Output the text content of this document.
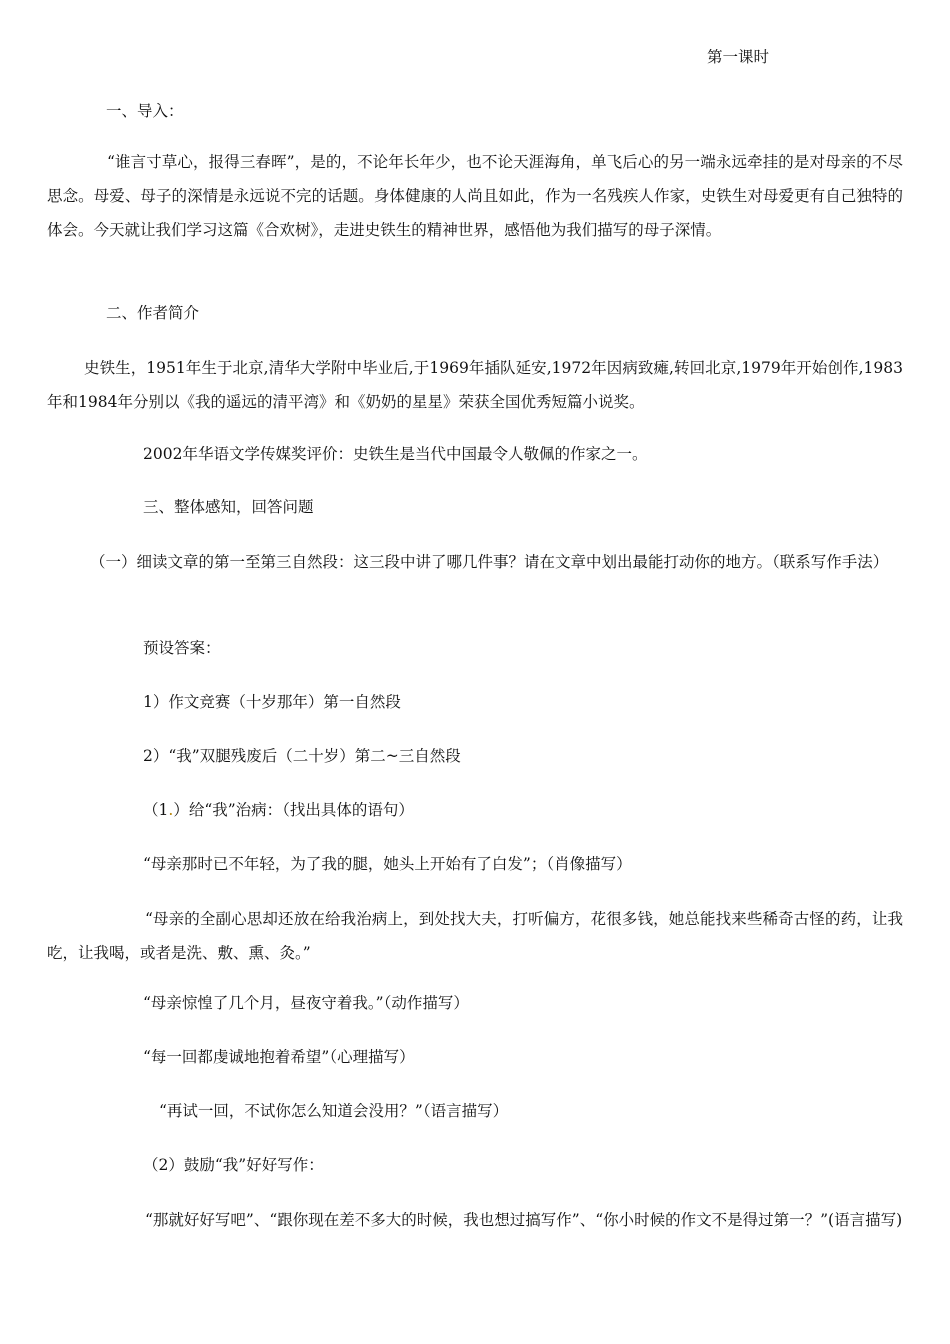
第一课时
一、导入：
“谁言寸草心，报得三春晖”，是的，不论年长年少，也不论天涯海角，单飞后心的另一端永远牵挂的是对母亲的不尽思念。母爱、母子的深情是永远说不完的话题。身体健康的人尚且如此，作为一名残疾人作家，史铁生对母爱更有自己独特的体会。今天就让我们学习这篇《合欢树》，走进史铁生的精神世界，感悟他为我们描写的母子深情。
二、作者简介
史铁生，1951年生于北京,清华大学附中毕业后,于1969年插队延安,1972年因病致瘫,转回北京,1979年开始创作,1983年和1984年分别以《我的遥远的清平湾》和《奶奶的星星》荣获全国优秀短篇小说奖。
2002年华语文学传媒奖评价：史铁生是当代中国最令人敬佩的作家之一。
三、整体感知，回答问题
（一）细读文章的第一至第三自然段：这三段中讲了哪几件事？请在文章中划出最能打动你的地方。（联系写作手法）
预设答案：
1）作文竞赛（十岁那年）第一自然段
2）“我”双腿残废后（二十岁）第二~三自然段
（1.）给“我”治病：（找出具体的语句）
“母亲那时已不年轻，为了我的腿，她头上开始有了白发”；（肖像描写）
“母亲的全副心思却还放在给我治病上，到处找大夫，打听偏方，花很多钱，她总能找来些稀奇古怪的药，让我吃，让我喝，或者是洗、敷、熏、灸。”
“母亲惊惶了几个月，昼夜守着我。”（动作描写）
“每一回都虔诚地抱着希望”（心理描写）
“再试一回，不试你怎么知道会没用？”（语言描写）
（2）鼓励“我”好好写作：
“那就好好写吧”、“跟你现在差不多大的时候，我也想过搞写作”、“你小时候的作文不是得过第一？”(语言描写)
